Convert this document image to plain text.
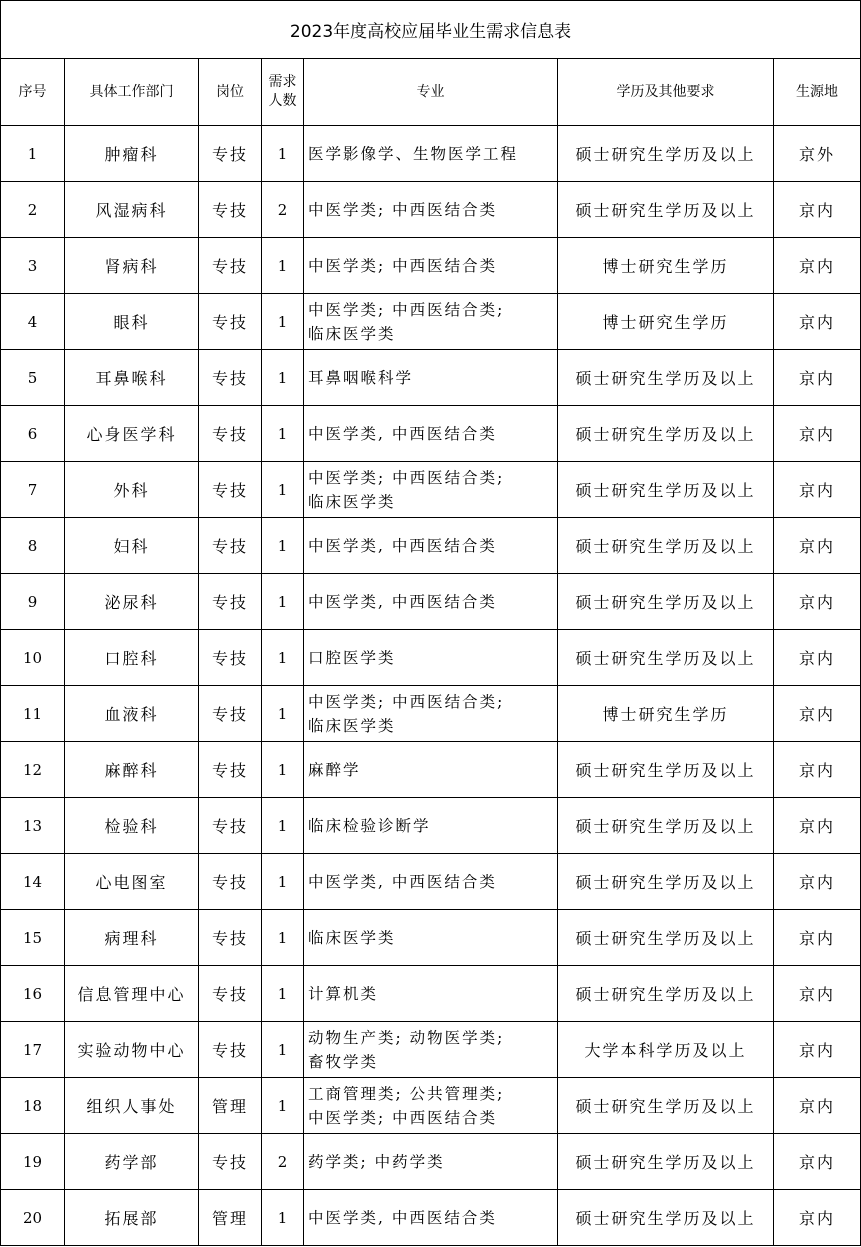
2023年度高校应届毕业生需求信息表						
序号	具体工作部门	岗位	需求
人数	专业	学历及其他要求	生源地
1	肿瘤科	专技	1	医学影像学、生物医学工程	硕士研究生学历及以上	京外
2	风湿病科	专技	2	中医学类; 中西医结合类	硕士研究生学历及以上	京内
3	肾病科	专技	1	中医学类; 中西医结合类	博士研究生学历	京内
4	眼科	专技	1	中医学类; 中西医结合类;
临床医学类	博士研究生学历	京内
5	耳鼻喉科	专技	1	耳鼻咽喉科学	硕士研究生学历及以上	京内
6	心身医学科	专技	1	中医学类, 中西医结合类	硕士研究生学历及以上	京内
7	外科	专技	1	中医学类; 中西医结合类;
临床医学类	硕士研究生学历及以上	京内
8	妇科	专技	1	中医学类, 中西医结合类	硕士研究生学历及以上	京内
9	泌尿科	专技	1	中医学类, 中西医结合类	硕士研究生学历及以上	京内
10	口腔科	专技	1	口腔医学类	硕士研究生学历及以上	京内
11	血液科	专技	1	中医学类; 中西医结合类;
临床医学类	博士研究生学历	京内
12	麻醉科	专技	1	麻醉学	硕士研究生学历及以上	京内
13	检验科	专技	1	临床检验诊断学	硕士研究生学历及以上	京内
14	心电图室	专技	1	中医学类, 中西医结合类	硕士研究生学历及以上	京内
15	病理科	专技	1	临床医学类	硕士研究生学历及以上	京内
16	信息管理中心	专技	1	计算机类	硕士研究生学历及以上	京内
17	实验动物中心	专技	1	动物生产类; 动物医学类;
畜牧学类	大学本科学历及以上	京内
18	组织人事处	管理	1	工商管理类; 公共管理类;
中医学类; 中西医结合类	硕士研究生学历及以上	京内
19	药学部	专技	2	药学类; 中药学类	硕士研究生学历及以上	京内
20	拓展部	管理	1	中医学类, 中西医结合类	硕士研究生学历及以上	京内
